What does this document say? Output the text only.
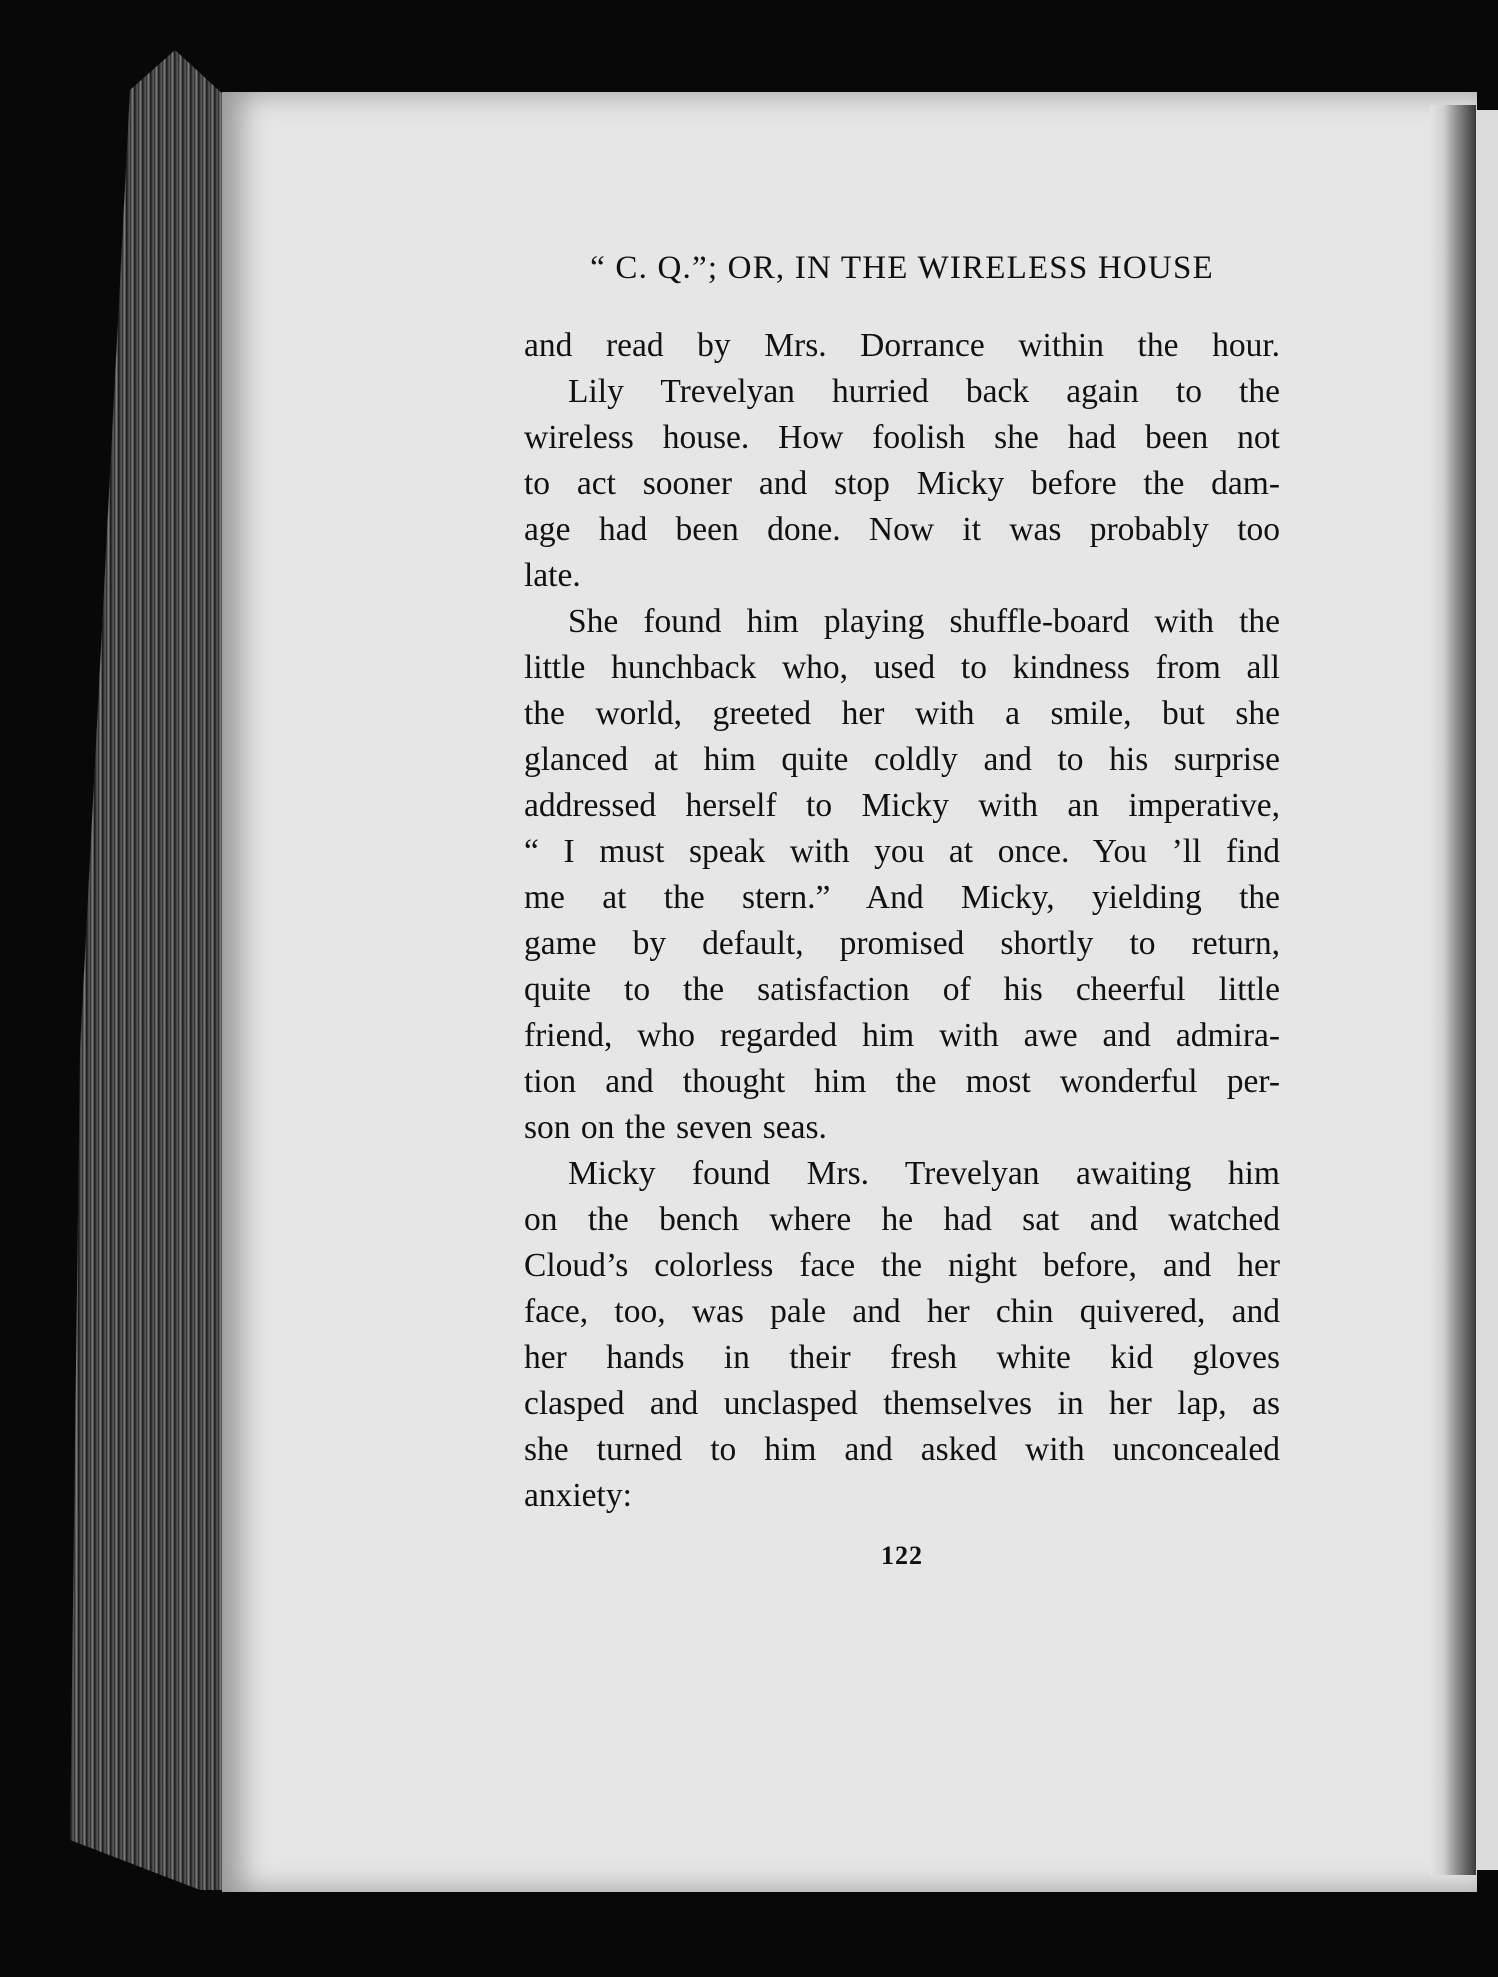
“ C. Q.”; OR, IN THE WIRELESS HOUSE
and read by Mrs. Dorrance within the hour.
Lily Trevelyan hurried back again to the
wireless house. How foolish she had been not
to act sooner and stop Micky before the dam-
age had been done. Now it was probably too
late.
She found him playing shuffle-board with the
little hunchback who, used to kindness from all
the world, greeted her with a smile, but she
glanced at him quite coldly and to his surprise
addressed herself to Micky with an imperative,
“ I must speak with you at once. You ’ll find
me at the stern.” And Micky, yielding the
game by default, promised shortly to return,
quite to the satisfaction of his cheerful little
friend, who regarded him with awe and admira-
tion and thought him the most wonderful per-
son on the seven seas.
Micky found Mrs. Trevelyan awaiting him
on the bench where he had sat and watched
Cloud’s colorless face the night before, and her
face, too, was pale and her chin quivered, and
her hands in their fresh white kid gloves
clasped and unclasped themselves in her lap, as
she turned to him and asked with unconcealed
anxiety:
122
